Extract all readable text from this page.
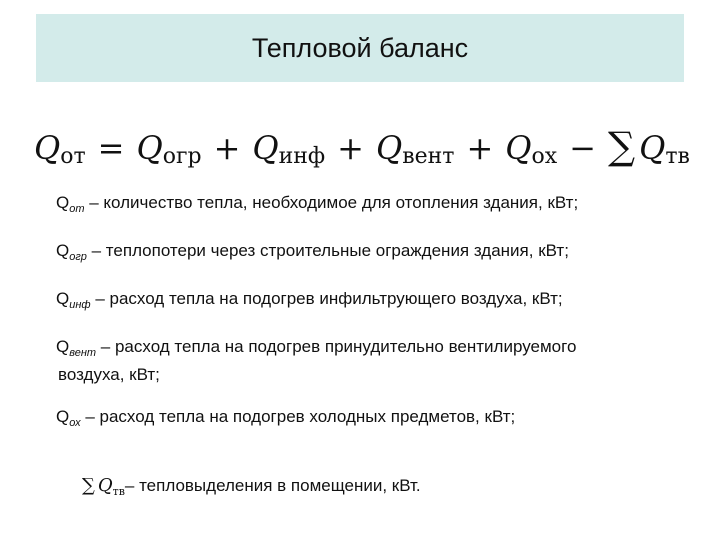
Тепловой баланс
$Q_{от} = Q_{огр} + Q_{инф} + Q_{вент} + Q_{ох}$ − ∑ $Q_{тв}$
$Q_{от}$ – количество тепла, необходимое для отопления здания, кВт;
$Q_{огр}$ – теплопотери через строительные ограждения здания, кВт;
$Q_{инф}$ – расход тепла на подогрев инфильтрующего воздуха, кВт;
$Q_{вент}$ – расход тепла на подогрев принудительно вентилируемого
воздуха, кВт;
$Q_{ох}$ – расход тепла на подогрев холодных предметов, кВт;
∑ $Q_{тв}$ – тепловыделения в помещении, кВт.
